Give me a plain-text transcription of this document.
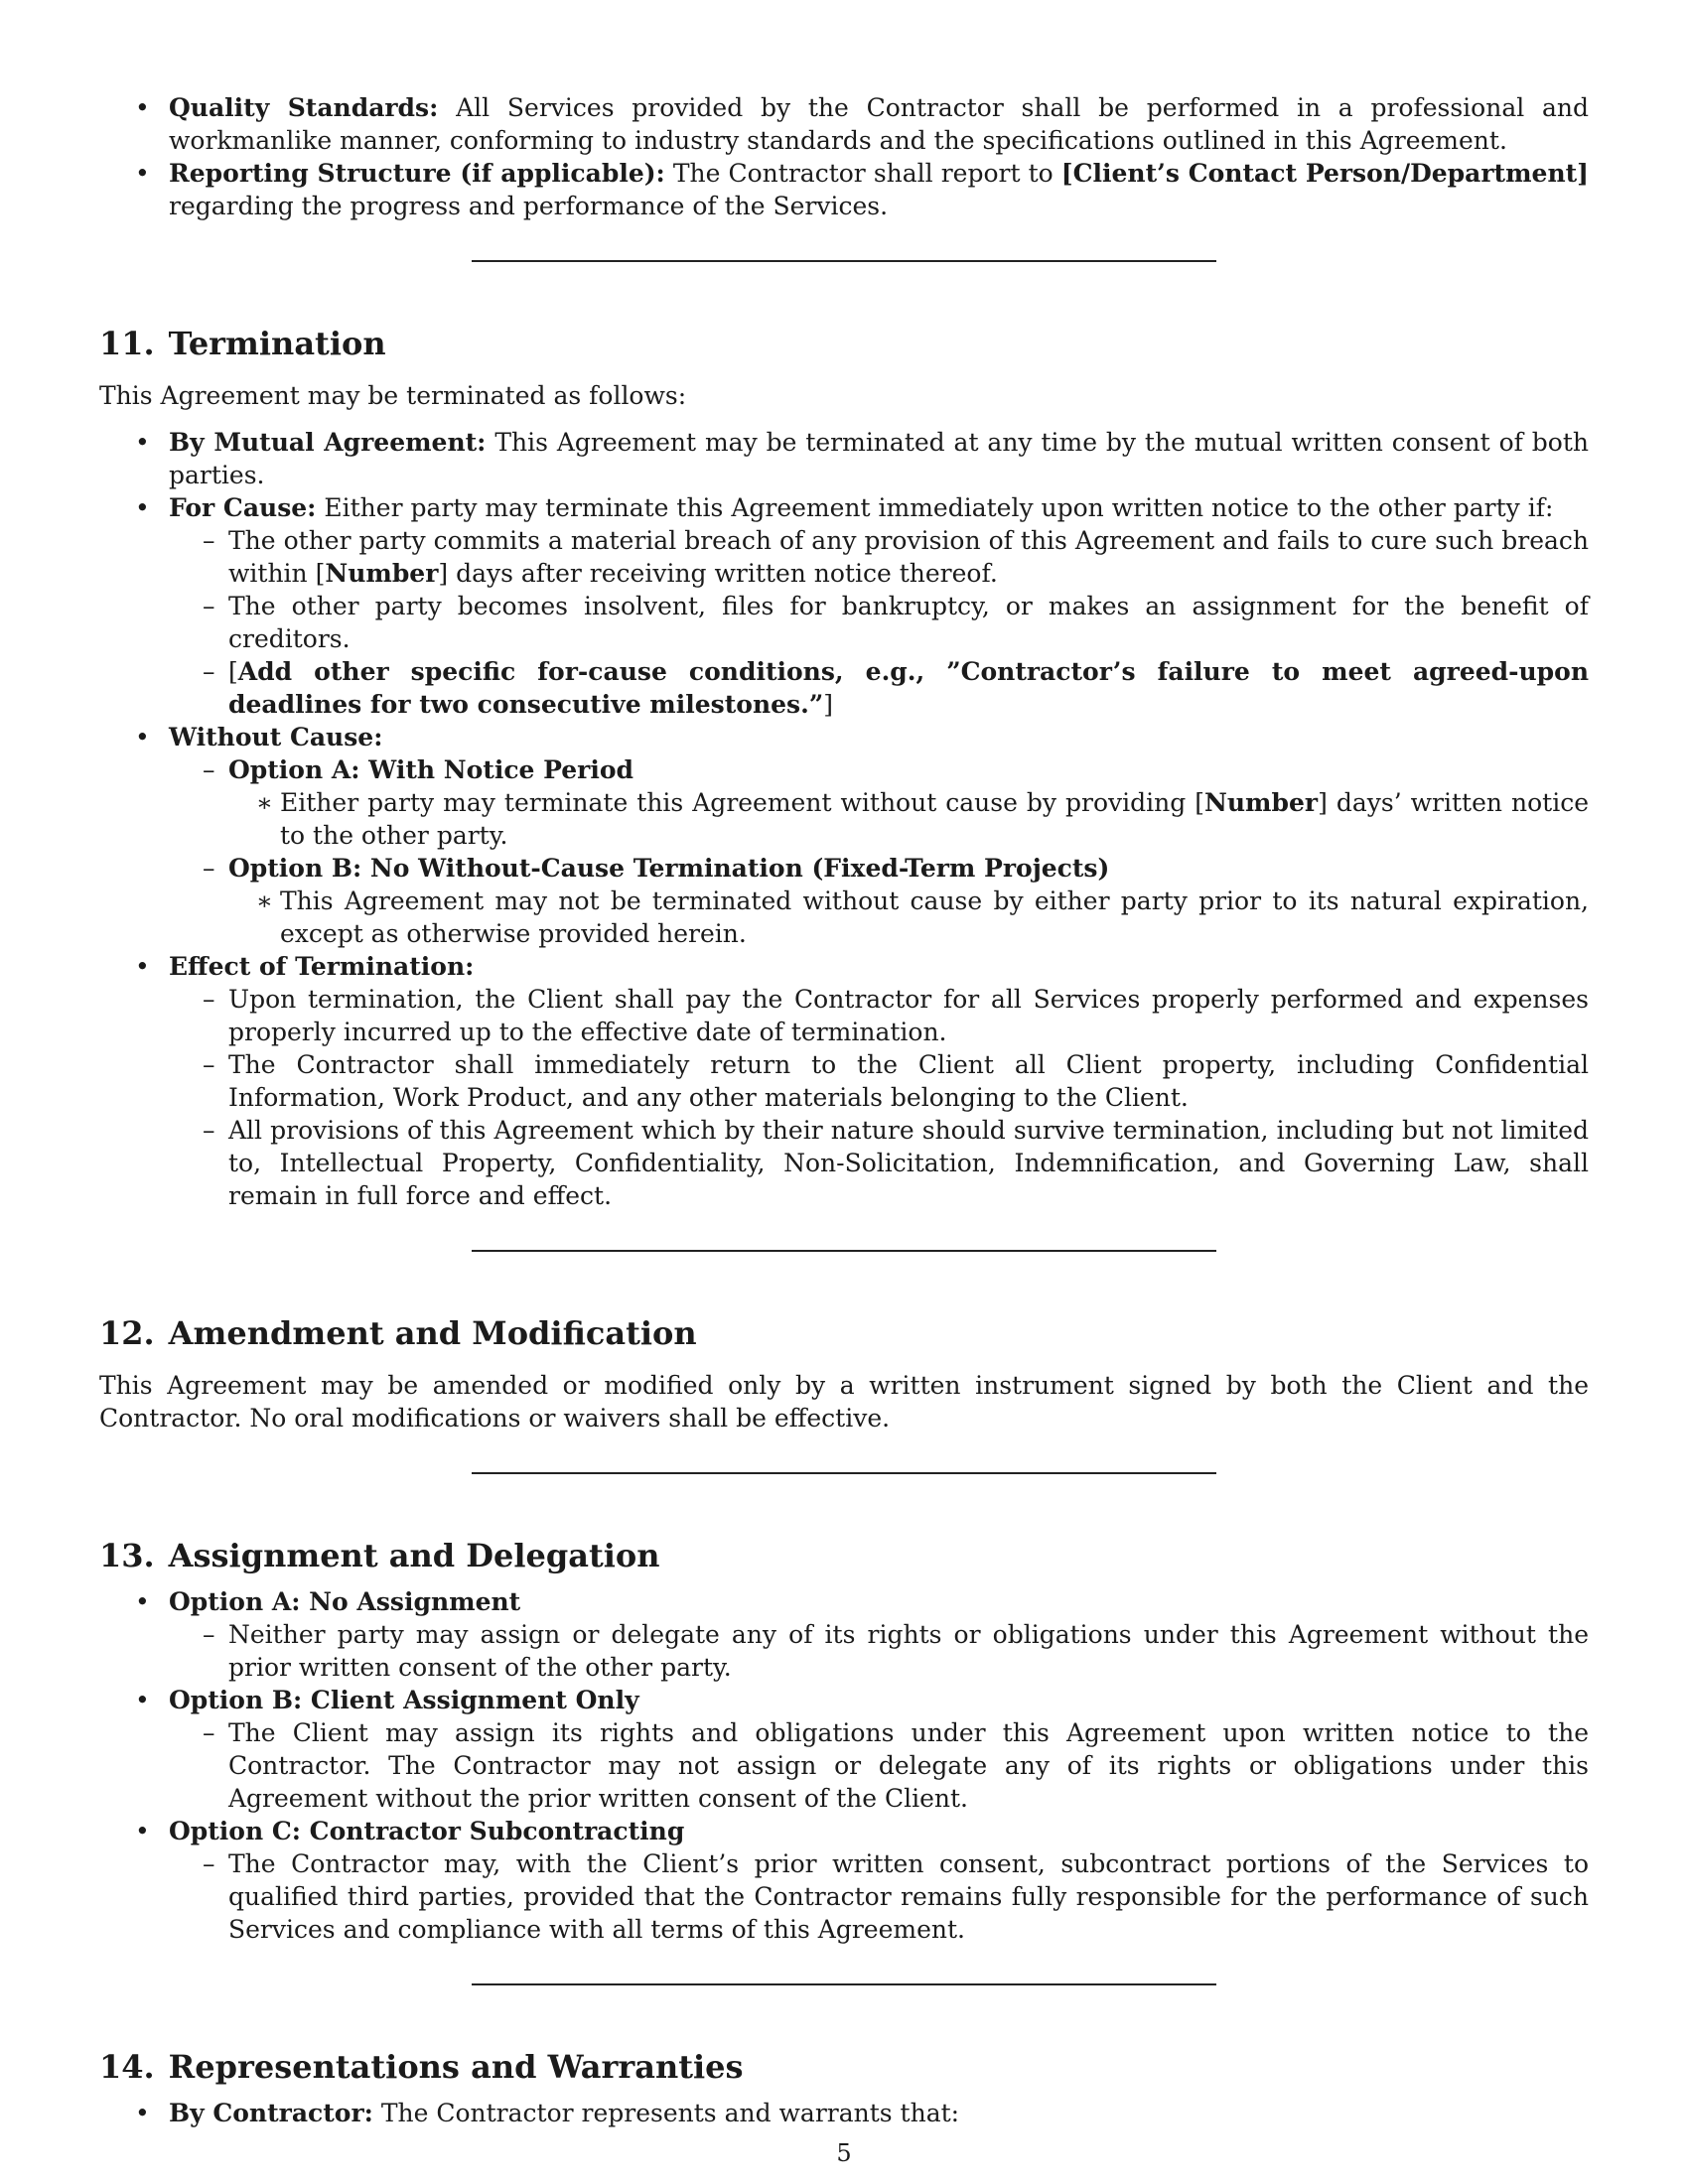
• Quality Standards: All Services provided by the Contractor shall be performed in a professional and workmanlike manner, conforming to industry standards and the specifications outlined in this Agreement.
• Reporting Structure (if applicable): The Contractor shall report to [Client’s Contact Person/Department] regarding the progress and performance of the Services.
11. Termination

This Agreement may be terminated as follows:

• By Mutual Agreement: This Agreement may be terminated at any time by the mutual written consent of both parties.
• For Cause: Either party may terminate this Agreement immediately upon written notice to the other party if:
– The other party commits a material breach of any provision of this Agreement and fails to cure such breach within [Number] days after receiving written notice thereof.
– The other party becomes insolvent, files for bankruptcy, or makes an assignment for the benefit of creditors.
– [Add other specific for-cause conditions, e.g., ”Contractor’s failure to meet agreed-upon deadlines for two consecutive milestones.”]
• Without Cause:
– Option A: With Notice Period
∗ Either party may terminate this Agreement without cause by providing [Number] days’ written notice to the other party.
– Option B: No Without-Cause Termination (Fixed-Term Projects)
∗ This Agreement may not be terminated without cause by either party prior to its natural expiration, except as otherwise provided herein.
• Effect of Termination:
– Upon termination, the Client shall pay the Contractor for all Services properly performed and expenses properly incurred up to the effective date of termination.
– The Contractor shall immediately return to the Client all Client property, including Confidential Information, Work Product, and any other materials belonging to the Client.
– All provisions of this Agreement which by their nature should survive termination, including but not limited to, Intellectual Property, Confidentiality, Non-Solicitation, Indemnification, and Governing Law, shall remain in full force and effect.
12. Amendment and Modification

This Agreement may be amended or modified only by a written instrument signed by both the Client and the Contractor. No oral modifications or waivers shall be effective.

13. Assignment and Delegation
• Option A: No Assignment
– Neither party may assign or delegate any of its rights or obligations under this Agreement without the prior written consent of the other party.
• Option B: Client Assignment Only
– The Client may assign its rights and obligations under this Agreement upon written notice to the Contractor. The Contractor may not assign or delegate any of its rights or obligations under this Agreement without the prior written consent of the Client.
• Option C: Contractor Subcontracting
– The Contractor may, with the Client’s prior written consent, subcontract portions of the Services to qualified third parties, provided that the Contractor remains fully responsible for the performance of such Services and compliance with all terms of this Agreement.
14. Representations and Warranties
• By Contractor: The Contractor represents and warrants that:
5
